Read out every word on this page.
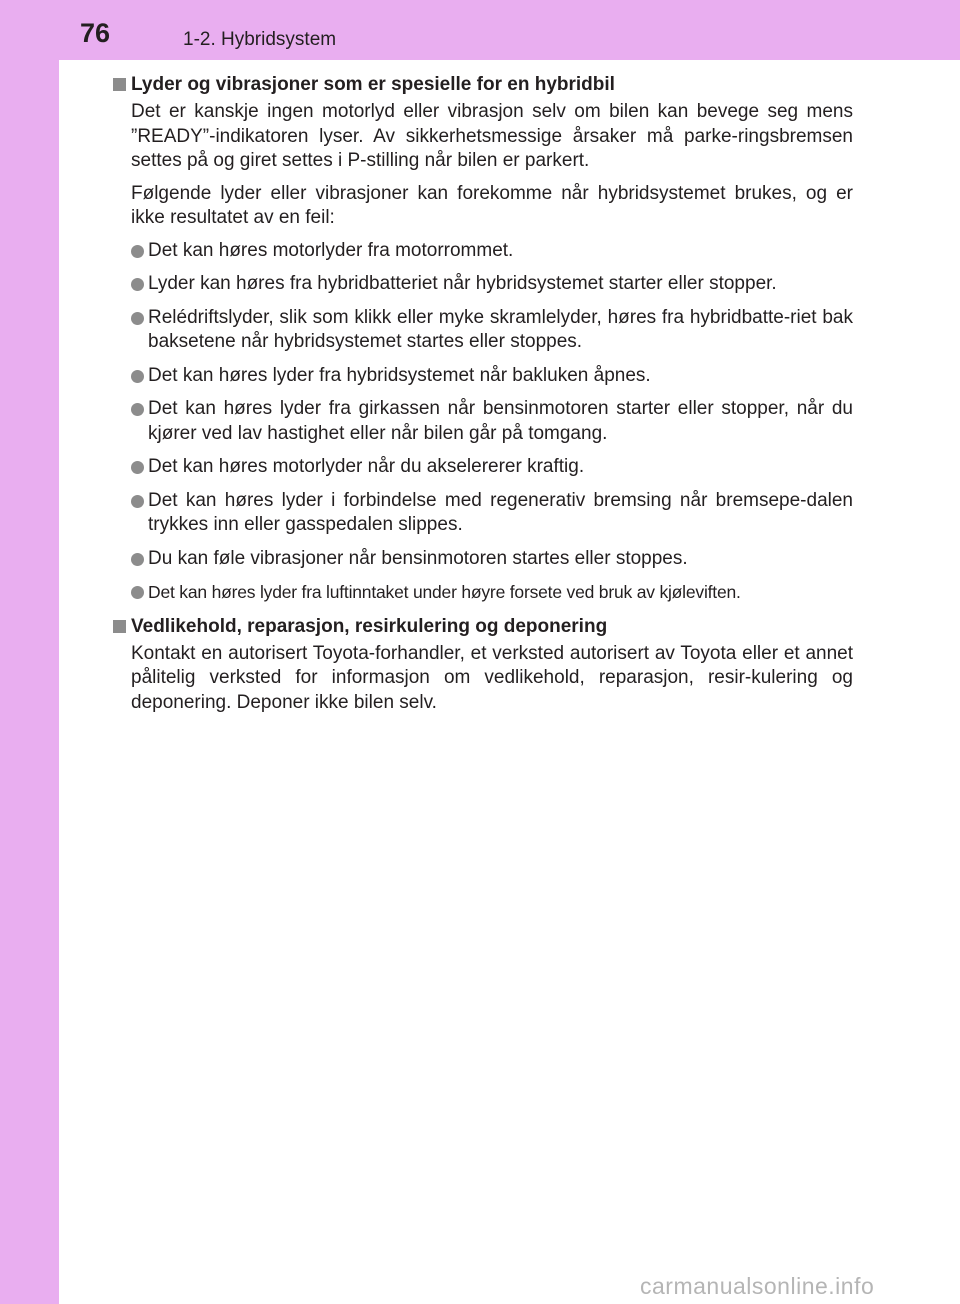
76	1-2. Hybridsystem
Lyder og vibrasjoner som er spesielle for en hybridbil

Det er kanskje ingen motorlyd eller vibrasjon selv om bilen kan bevege seg mens ”READY”-indikatoren lyser. Av sikkerhetsmessige årsaker må parke-ringsbremsen settes på og giret settes i P-stilling når bilen er parkert.

Følgende lyder eller vibrasjoner kan forekomme når hybridsystemet brukes, og er ikke resultatet av en feil:

Det kan høres motorlyder fra motorrommet.
Lyder kan høres fra hybridbatteriet når hybridsystemet starter eller stopper.
Relédriftslyder, slik som klikk eller myke skramlelyder, høres fra hybridbatte-riet bak baksetene når hybridsystemet startes eller stoppes.
Det kan høres lyder fra hybridsystemet når bakluken åpnes.
Det kan høres lyder fra girkassen når bensinmotoren starter eller stopper, når du kjører ved lav hastighet eller når bilen går på tomgang.
Det kan høres motorlyder når du akselererer kraftig.
Det kan høres lyder i forbindelse med regenerativ bremsing når bremsepe-dalen trykkes inn eller gasspedalen slippes.
Du kan føle vibrasjoner når bensinmotoren startes eller stoppes.
Det kan høres lyder fra luftinntaket under høyre forsete ved bruk av kjøleviften.
Vedlikehold, reparasjon, resirkulering og deponering

Kontakt en autorisert Toyota-forhandler, et verksted autorisert av Toyota eller et annet pålitelig verksted for informasjon om vedlikehold, reparasjon, resir-kulering og deponering. Deponer ikke bilen selv.

carmanualsonline.info
